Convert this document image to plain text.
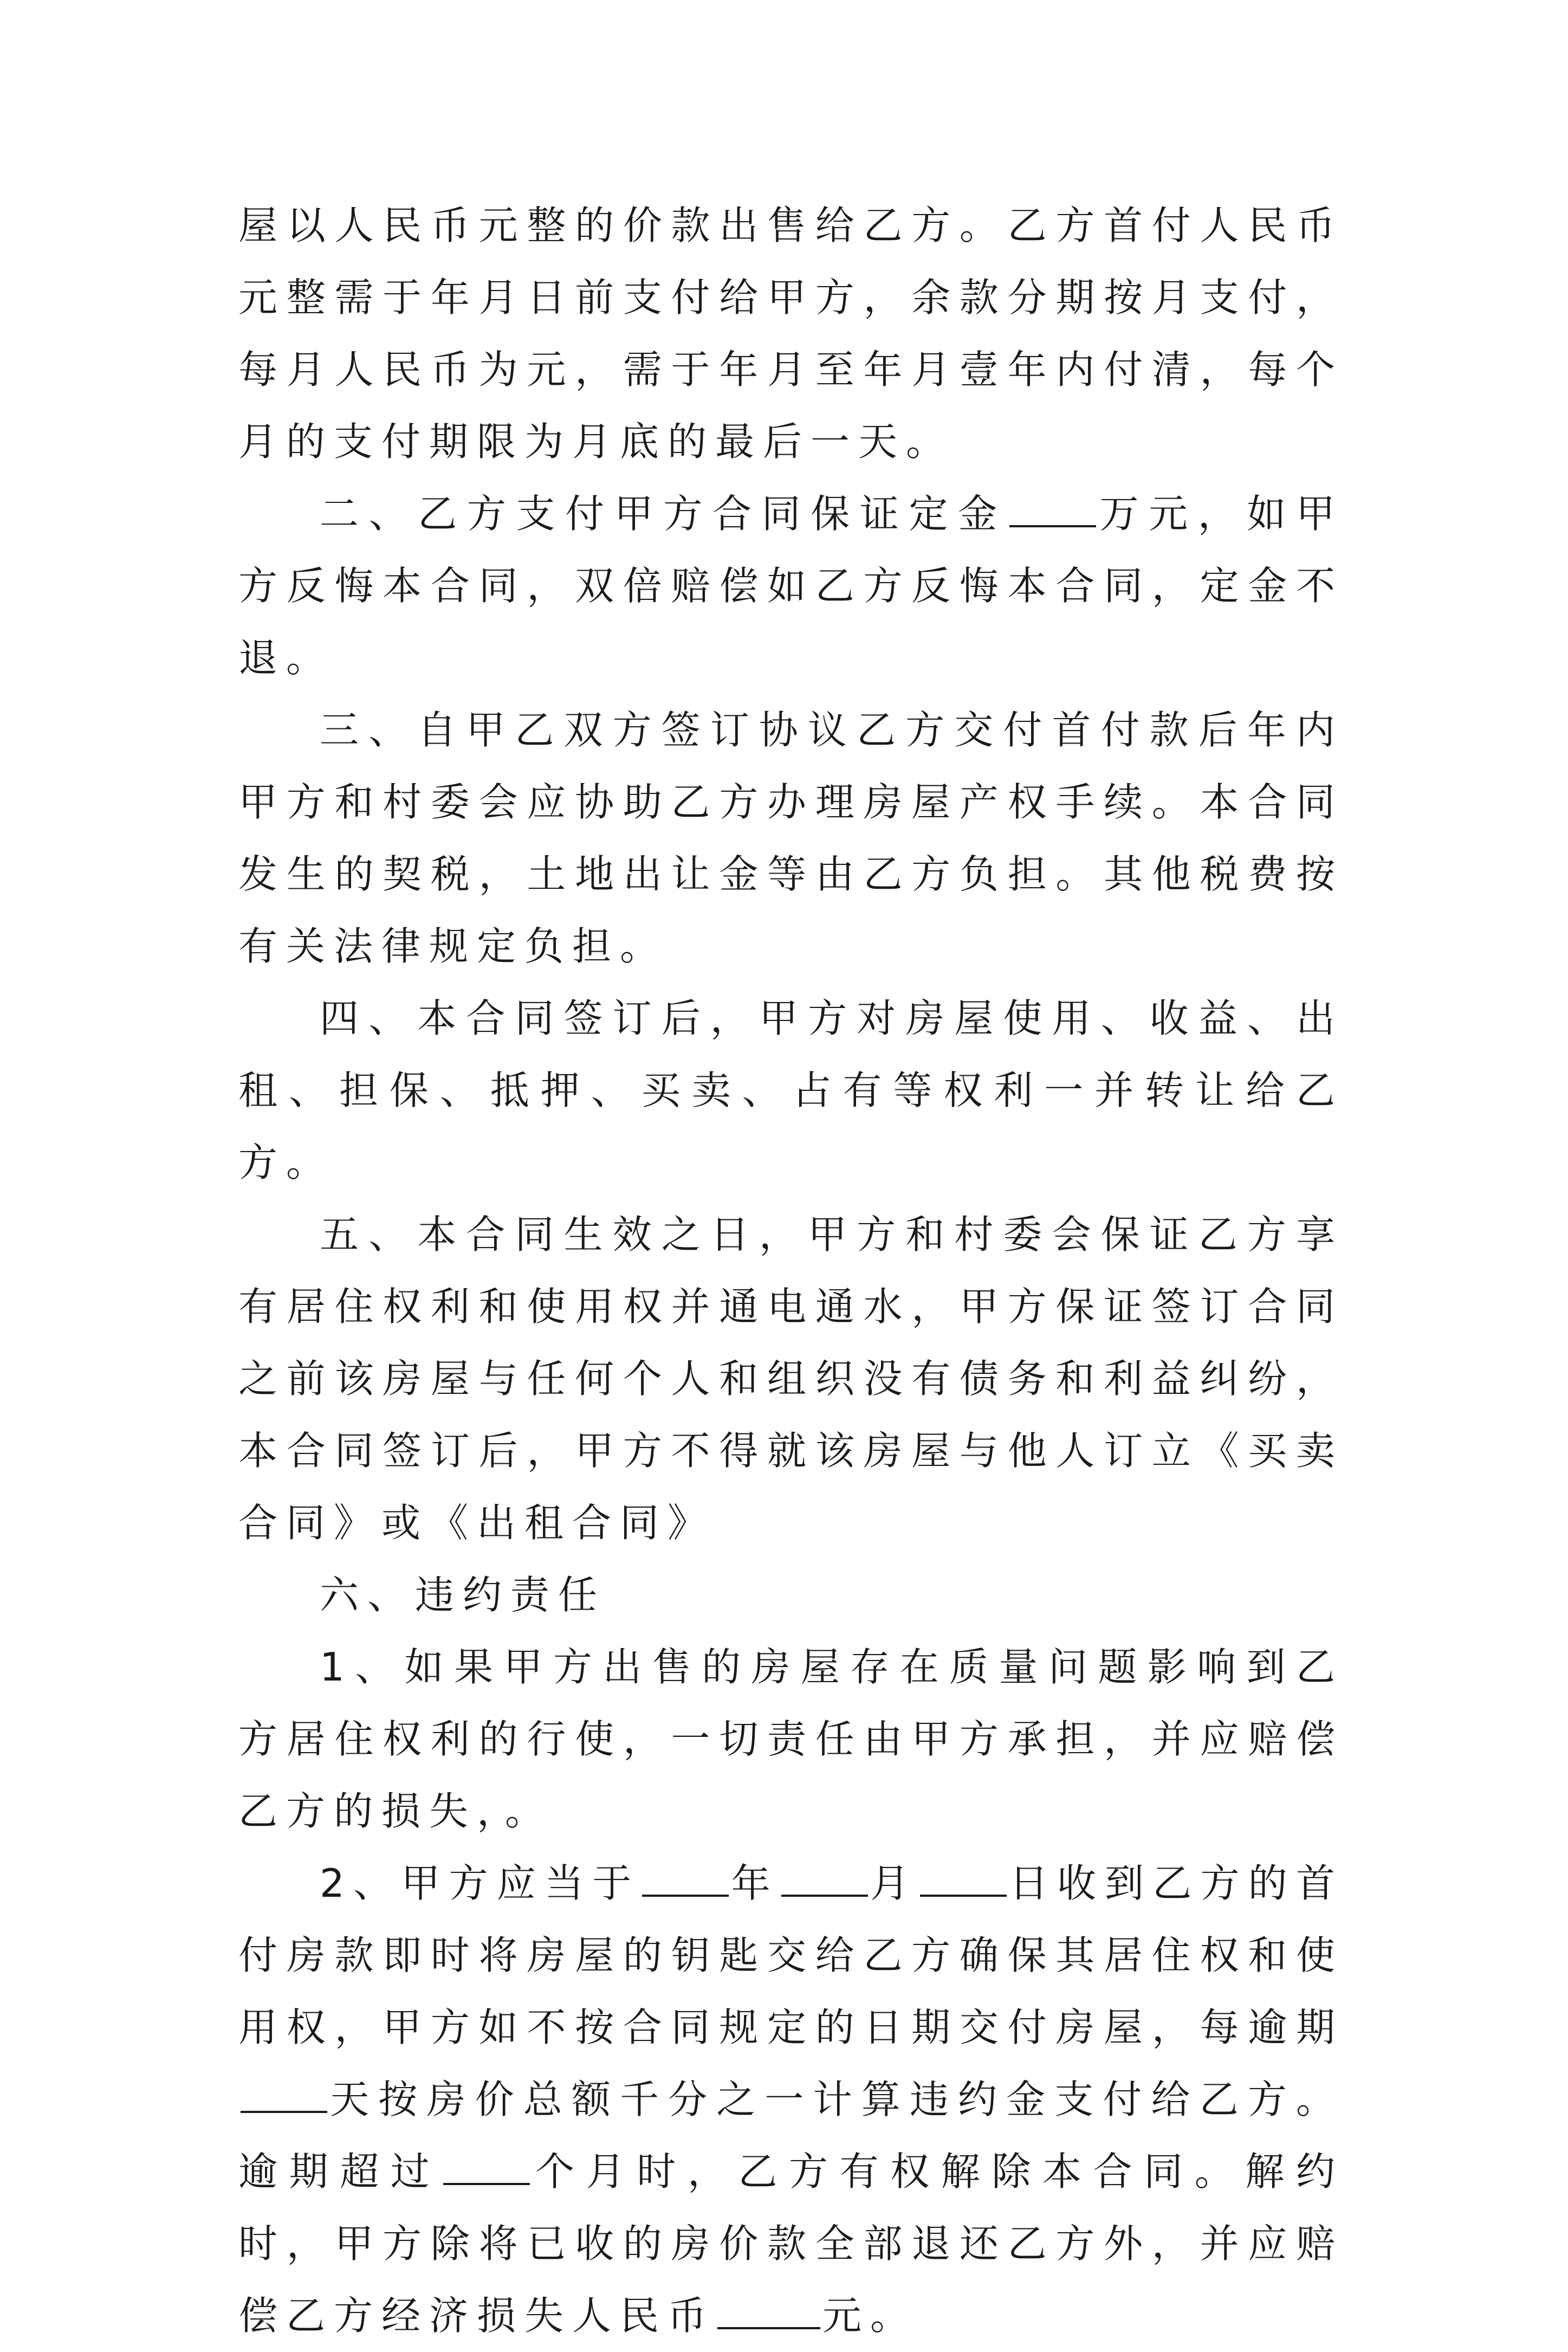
屋以人民币元整的价款出售给乙方。乙方首付人民币元整需于年月日前支付给甲方，余款分期按月支付，每月人民币为元，需于年月至年月壹年内付清，每个月的支付期限为月底的最后一天。

二、乙方支付甲方合同保证定金 万元，如甲方反悔本合同，双倍赔偿如乙方反悔本合同，定金不退。

三、自甲乙双方签订协议乙方交付首付款后年内甲方和村委会应协助乙方办理房屋产权手续。本合同发生的契税，土地出让金等由乙方负担。其他税费按有关法律规定负担。

四、本合同签订后，甲方对房屋使用、收益、出租、担保、抵押、买卖、占有等权利一并转让给乙方。

五、本合同生效之日，甲方和村委会保证乙方享有居住权利和使用权并通电通水，甲方保证签订合同之前该房屋与任何个人和组织没有债务和利益纠纷，本合同签订后，甲方不得就该房屋与他人订立《买卖合同》或《出租合同》

六、违约责任

1、如果甲方出售的房屋存在质量问题影响到乙方居住权利的行使，一切责任由甲方承担，并应赔偿乙方的损失，。

2、甲方应当于 年 月 日收到乙方的首付房款即时将房屋的钥匙交给乙方确保其居住权和使用权，甲方如不按合同规定的日期交付房屋，每逾期天按房价总额千分之一计算违约金支付给乙方。逾期超过 个月时，乙方有权解除本合同。解约时，甲方除将已收的房价款全部退还乙方外，并应赔偿乙方经济损失人民币	元。
